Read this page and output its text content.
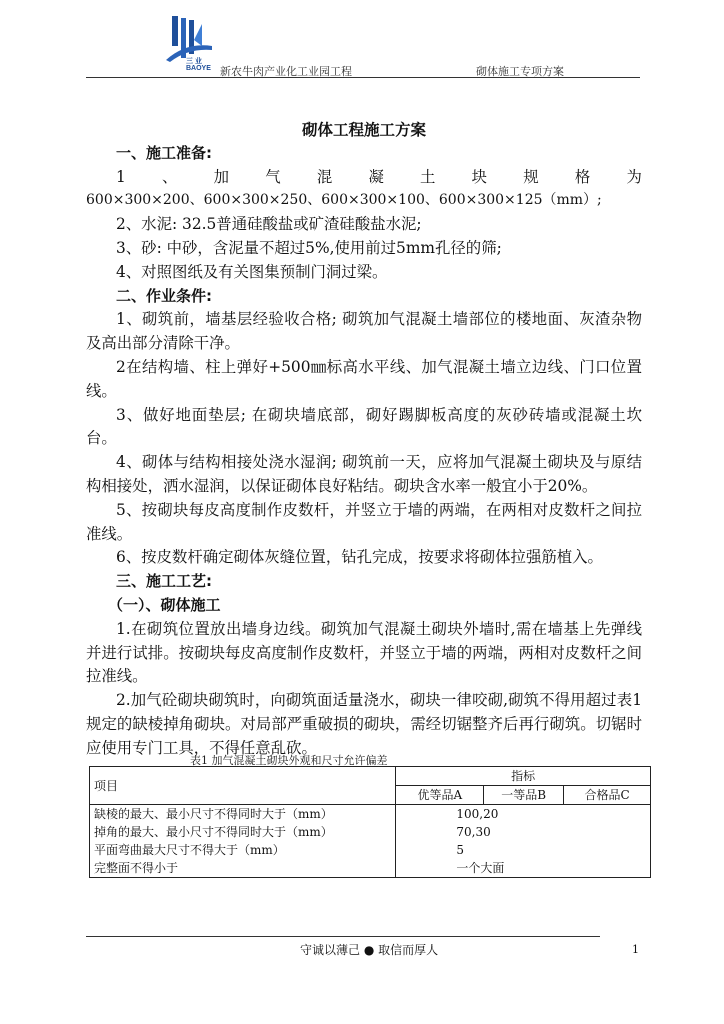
三 业
BAOYE 新农牛肉产业化工业园工程	砌体施工专项方案
砌体工程施工方案
一、施工准备:
1 、 加 气 混 凝 土 块 规 格 为
600×300×200、600×300×250、600×300×100、600×300×125（mm）;
2、水泥: 32.5普通硅酸盐或矿渣硅酸盐水泥;
3、砂: 中砂，含泥量不超过5%,使用前过5mm孔径的筛;
4、对照图纸及有关图集预制门洞过梁。
二、作业条件:
1、砌筑前，墙基层经验收合格; 砌筑加气混凝土墙部位的楼地面、灰渣杂物及高出部分清除干净。
2在结构墙、柱上弹好+500㎜标高水平线、加气混凝土墙立边线、门口位置线。
3、做好地面垫层; 在砌块墙底部，砌好踢脚板高度的灰砂砖墙或混凝土坎台。
4、砌体与结构相接处浇水湿润; 砌筑前一天，应将加气混凝土砌块及与原结构相接处，洒水湿润，以保证砌体良好粘结。砌块含水率一般宜小于20%。
5、按砌块每皮高度制作皮数杆，并竖立于墙的两端，在两相对皮数杆之间拉准线。
6、按皮数杆确定砌体灰缝位置，钻孔完成，按要求将砌体拉强筋植入。
三、施工工艺:
（一）、砌体施工
1.在砌筑位置放出墙身边线。砌筑加气混凝土砌块外墙时,需在墙基上先弹线并进行试排。按砌块每皮高度制作皮数杆，并竖立于墙的两端，两相对皮数杆之间拉准线。
2.加气砼砌块砌筑时，向砌筑面适量浇水，砌块一律咬砌,砌筑不得用超过表1规定的缺棱掉角砌块。对局部严重破损的砌块，需经切锯整齐后再行砌筑。切锯时应使用专门工具，不得任意乱砍。
表1 加气混凝土砌块外观和尺寸允许偏差
项目	指标		
	优等品A	一等品B	合格品C
缺棱的最大、最小尺寸不得同时大于（mm）	100,20		
掉角的最大、最小尺寸不得同时大于（mm）	70,30		
平面弯曲最大尺寸不得大于（mm）	5		
完整面不得小于	一个大面		
守诚以薄己 ● 取信而厚人	1
